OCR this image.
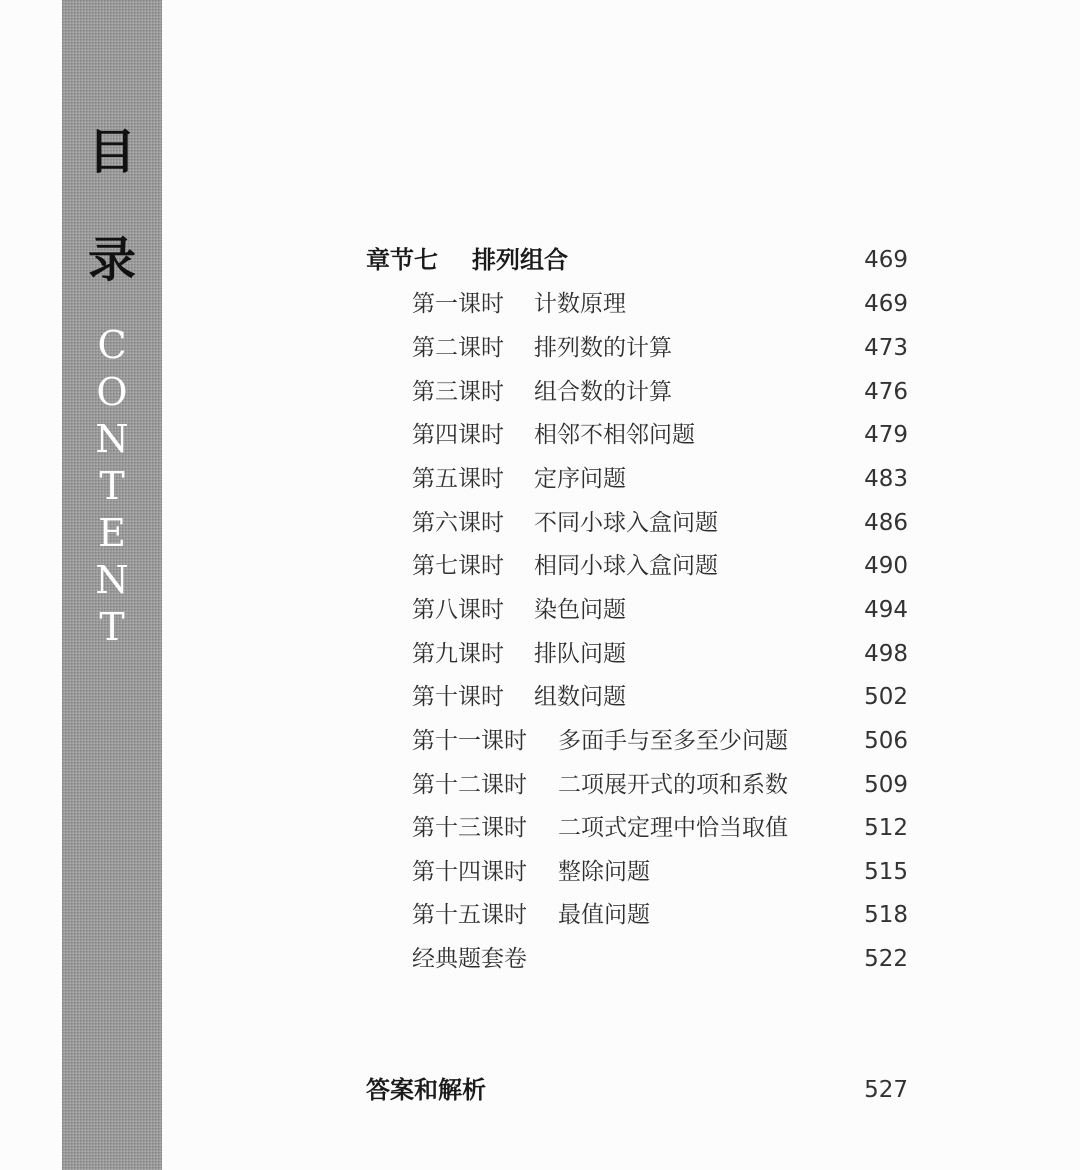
目
录
C
O
N
T
E
N
T
章节七 排列组合	469
第一课时 计数原理	469
第二课时 排列数的计算	473
第三课时 组合数的计算	476
第四课时 相邻不相邻问题	479
第五课时 定序问题	483
第六课时 不同小球入盒问题	486
第七课时 相同小球入盒问题	490
第八课时 染色问题	494
第九课时 排队问题	498
第十课时 组数问题	502
第十一课时 多面手与至多至少问题	506
第十二课时 二项展开式的项和系数	509
第十三课时 二项式定理中恰当取值	512
第十四课时 整除问题	515
第十五课时 最值问题	518
经典题套卷	522
答案和解析	527
